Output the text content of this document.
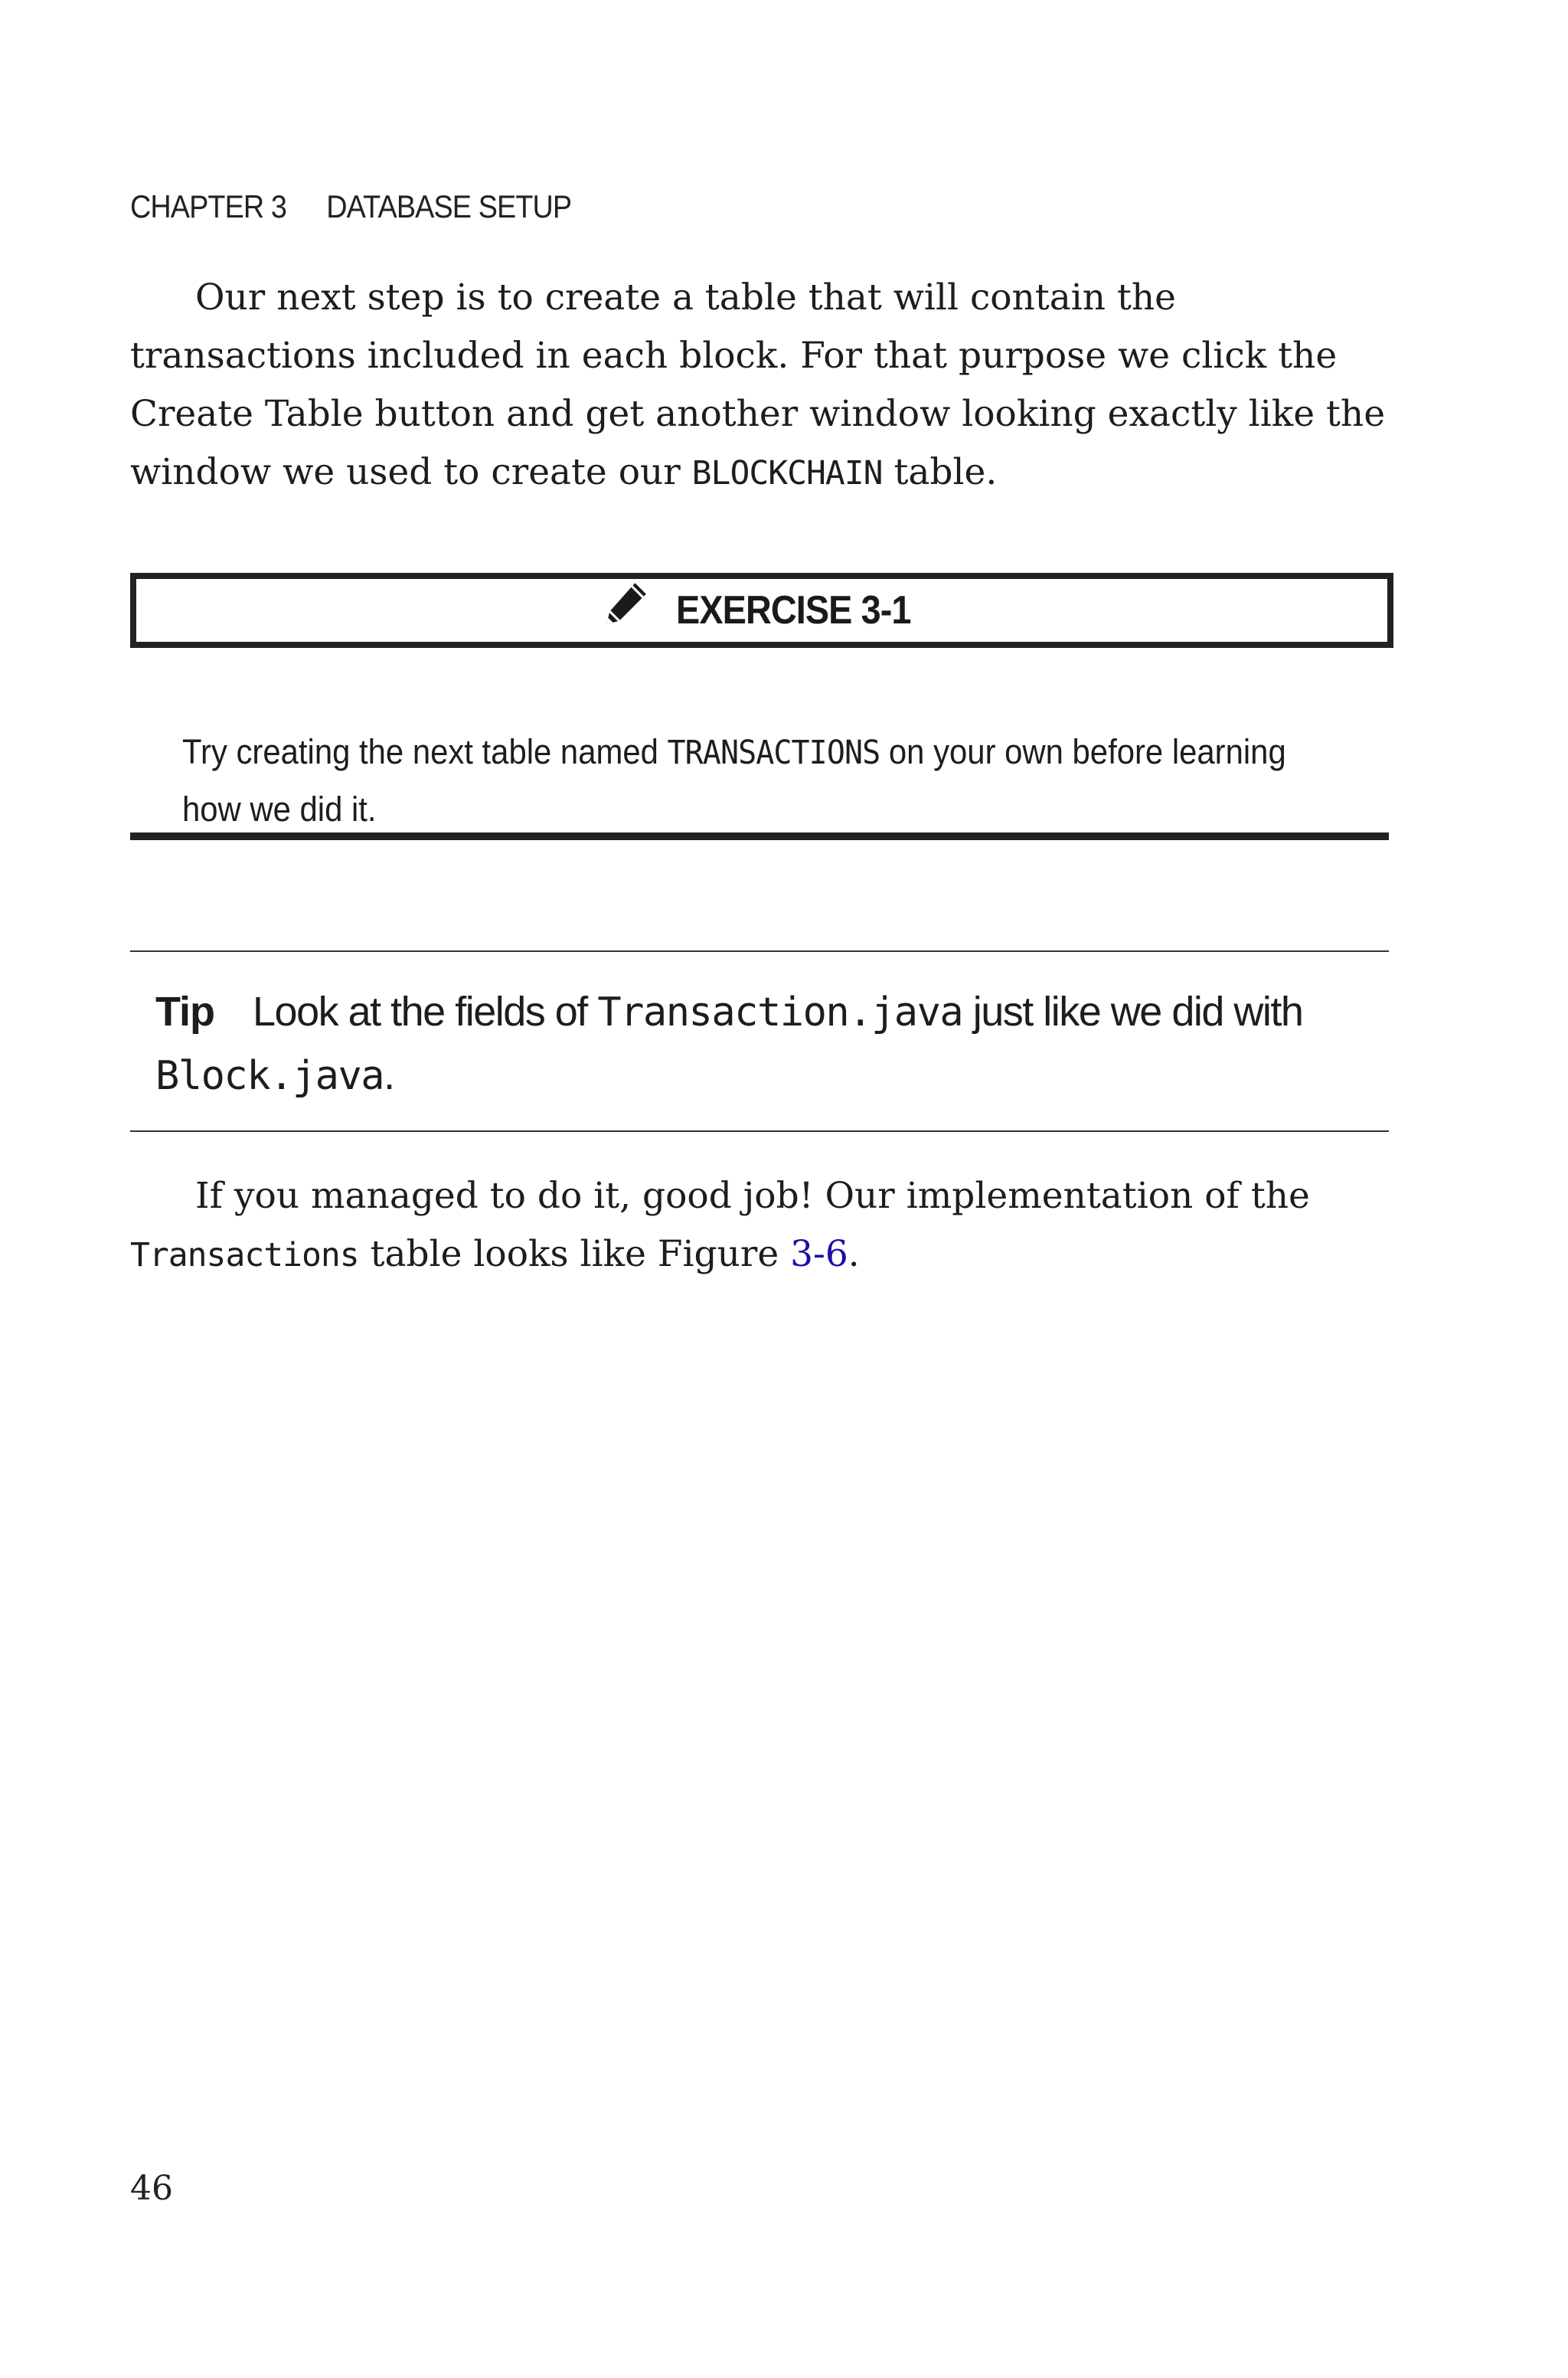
CHAPTER 3 DATABASE SETUP
Our next step is to create a table that will contain the transactions included in each block. For that purpose we click the Create Table button and get another window looking exactly like the window we used to create our BLOCKCHAIN table.
EXERCISE 3-1
Try creating the next table named TRANSACTIONS on your own before learning how we did it.
Tip Look at the fields of Transaction.java just like we did with Block.java.
If you managed to do it, good job! Our implementation of the Transactions table looks like Figure 3-6.
46
